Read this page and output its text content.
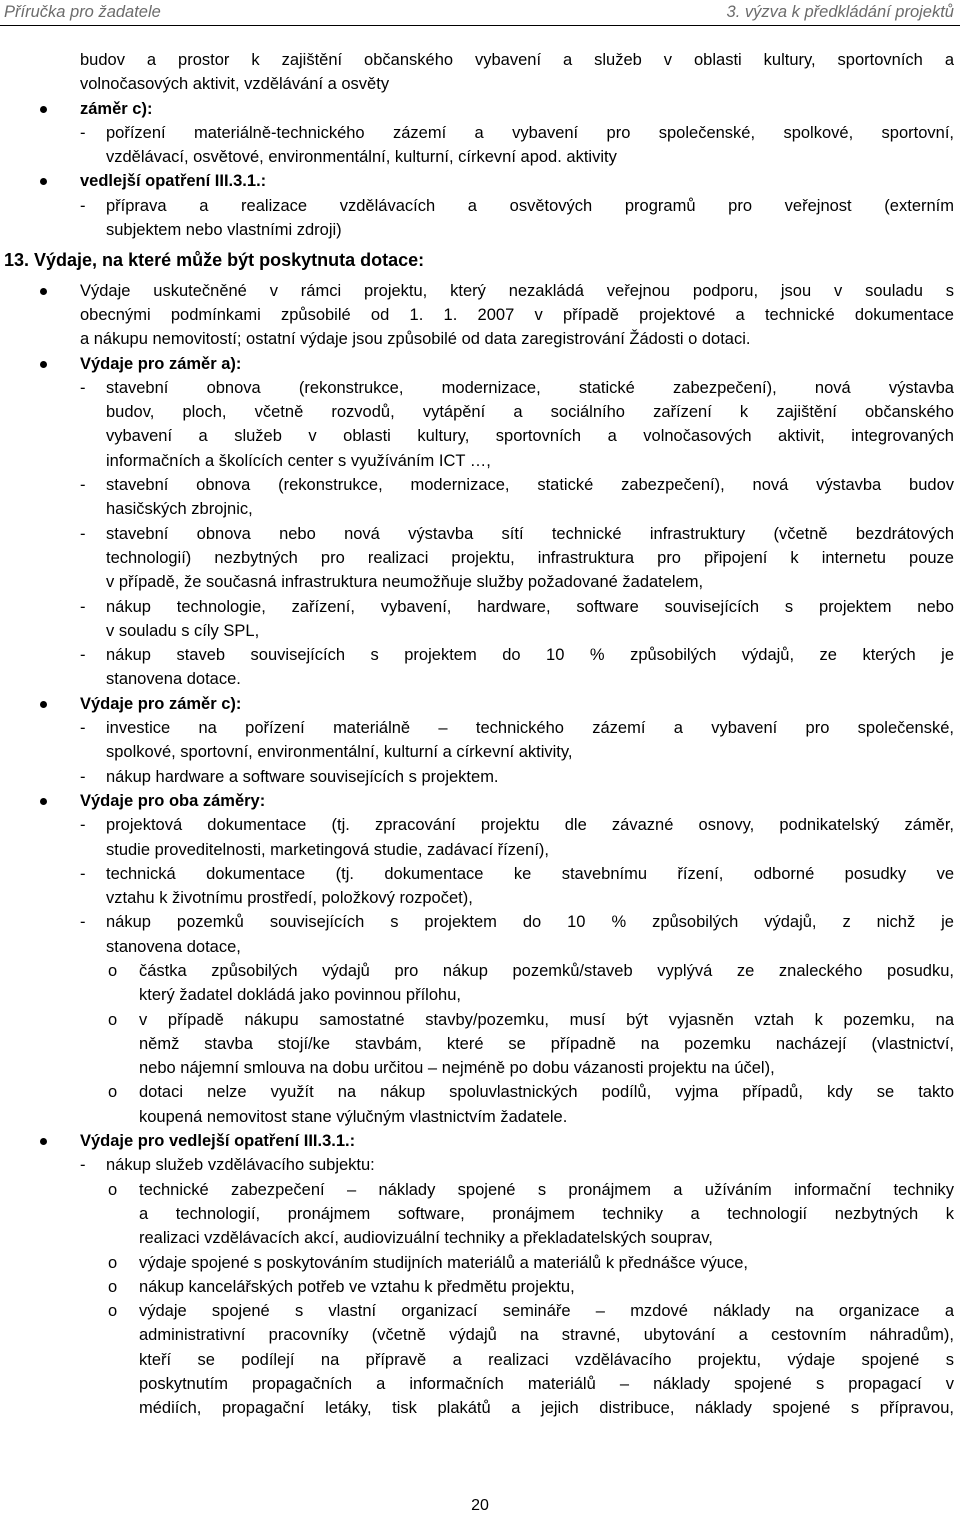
Příručka pro žadatele	3. výzva k předkládání projektů
budov a prostor k zajištění občanského vybavení a služeb v oblasti kultury, sportovních a
volnočasových aktivit, vzdělávání a osvěty
záměr c):
- pořízení materiálně-technického zázemí a vybavení pro společenské, spolkové, sportovní,
vzdělávací, osvětové, environmentální, kulturní, církevní apod. aktivity
vedlejší opatření III.3.1.:
- příprava a realizace vzdělávacích a osvětových programů pro veřejnost (externím
subjektem nebo vlastními zdroji)
13. Výdaje, na které může být poskytnuta dotace:
Výdaje uskutečněné v rámci projektu, který nezakládá veřejnou podporu, jsou v souladu s
obecnými podmínkami způsobilé od 1. 1. 2007 v případě projektové a technické dokumentace
a nákupu nemovitostí; ostatní výdaje jsou způsobilé od data zaregistrování Žádosti o dotaci.
Výdaje pro záměr a):
- stavební obnova (rekonstrukce, modernizace, statické zabezpečení), nová výstavba
budov, ploch, včetně rozvodů, vytápění a sociálního zařízení k zajištění občanského
vybavení a služeb v oblasti kultury, sportovních a volnočasových aktivit, integrovaných
informačních a školících center s využíváním ICT …,
- stavební obnova (rekonstrukce, modernizace, statické zabezpečení), nová výstavba budov
hasičských zbrojnic,
- stavební obnova nebo nová výstavba sítí technické infrastruktury (včetně bezdrátových
technologií) nezbytných pro realizaci projektu, infrastruktura pro připojení k internetu pouze
v případě, že současná infrastruktura neumožňuje služby požadované žadatelem,
- nákup technologie, zařízení, vybavení, hardware, software souvisejících s projektem nebo
v souladu s cíly SPL,
- nákup staveb souvisejících s projektem do 10 % způsobilých výdajů, ze kterých je
stanovena dotace.
Výdaje pro záměr c):
- investice na pořízení materiálně – technického zázemí a vybavení pro společenské,
spolkové, sportovní, environmentální, kulturní a církevní aktivity,
- nákup hardware a software souvisejících s projektem.
Výdaje pro oba záměry:
- projektová dokumentace (tj. zpracování projektu dle závazné osnovy, podnikatelský záměr,
studie proveditelnosti, marketingová studie, zadávací řízení),
- technická dokumentace (tj. dokumentace ke stavebnímu řízení, odborné posudky ve
vztahu k životnímu prostředí, položkový rozpočet),
- nákup pozemků souvisejících s projektem do 10 % způsobilých výdajů, z nichž je
stanovena dotace,
o částka způsobilých výdajů pro nákup pozemků/staveb vyplývá ze znaleckého posudku,
který žadatel dokládá jako povinnou přílohu,
o v případě nákupu samostatné stavby/pozemku, musí být vyjasněn vztah k pozemku, na
němž stavba stojí/ke stavbám, které se případně na pozemku nacházejí (vlastnictví,
nebo nájemní smlouva na dobu určitou – nejméně po dobu vázanosti projektu na účel),
o dotaci nelze využít na nákup spoluvlastnických podílů, vyjma případů, kdy se takto
koupená nemovitost stane výlučným vlastnictvím žadatele.
Výdaje pro vedlejší opatření III.3.1.:
- nákup služeb vzdělávacího subjektu:
o technické zabezpečení – náklady spojené s pronájmem a užíváním informační techniky
a technologií, pronájmem software, pronájmem techniky a technologií nezbytných k
realizaci vzdělávacích akcí, audiovizuální techniky a překladatelských souprav,
o výdaje spojené s poskytováním studijních materiálů a materiálů k přednášce výuce,
o nákup kancelářských potřeb ve vztahu k předmětu projektu,
o výdaje spojené s vlastní organizací semináře – mzdové náklady na organizace a
administrativní pracovníky (včetně výdajů na stravné, ubytování a cestovním náhradům),
kteří se podílejí na přípravě a realizaci vzdělávacího projektu, výdaje spojené s
poskytnutím propagačních a informačních materiálů – náklady spojené s propagací v
médiích, propagační letáky, tisk plakátů a jejich distribuce, náklady spojené s přípravou,
20
